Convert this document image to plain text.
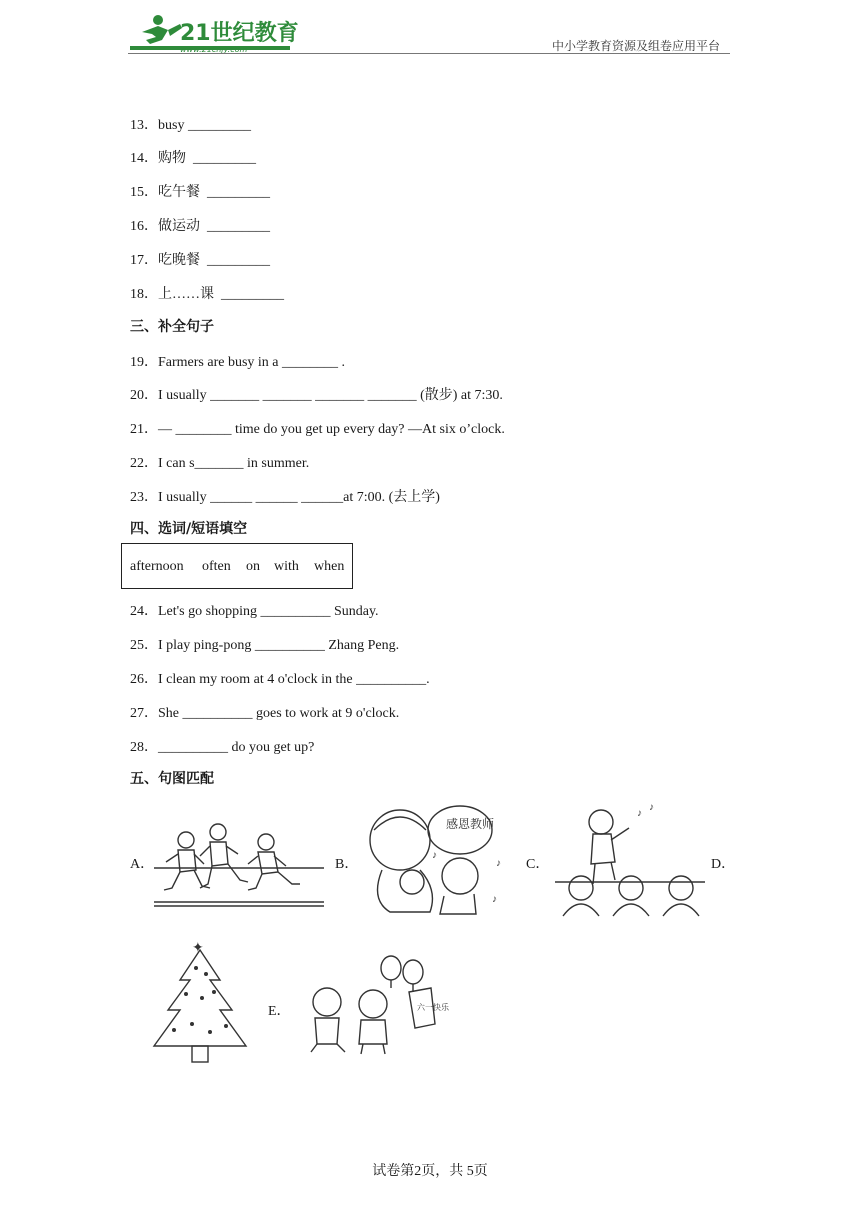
21世纪教育
www.21cnjy.com	中小学教育资源及组卷应用平台
13．busy _________
14．购物  _________
15．吃午餐  _________
16．做运动  _________
17．吃晚餐  _________
18．上……课  _________
三、补全句子
19．Farmers are busy in a ________ .
20．I usually _______ _______ _______ _______ (散步) at 7:30.
21．— ________ time do you get up every day? —At six o’clock.
22．I can s_______ in summer.
23．I usually ______ ______ ______at 7:00. (去上学)
四、选词/短语填空
afternoon often on with when
24．Let's go shopping __________ Sunday.
25．I play ping-pong __________ Zhang Peng.
26．I clean my room at 4 o'clock in the __________.
27．She __________ goes to work at 9 o'clock.
28．__________ do you get up?
五、句图匹配
A．	B．
感恩教师
♪
♪
♪
C．
♪
♪
D．
✦
E．	六一快乐
试卷第2页，共 5页
